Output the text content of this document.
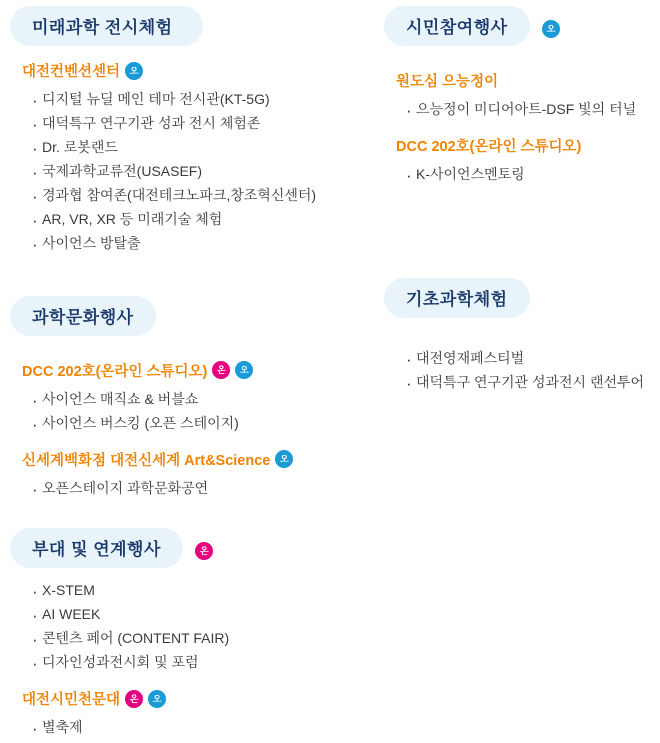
미래과학 전시체험
대전컨벤션센터	오
· 디지털 뉴딜 메인 테마 전시관(KT-5G)
· 대덕특구 연구기관 성과 전시 체험존
· Dr. 로봇랜드
· 국제과학교류전(USASEF)
· 경과협 참여존(대전테크노파크,창조혁신센터)
· AR, VR, XR 등 미래기술 체험
· 사이언스 방탈출
과학문화행사
DCC 202호(온라인 스튜디오)	온	오
· 사이언스 매직쇼 & 버블쇼
· 사이언스 버스킹 (오픈 스테이지)
신세계백화점 대전신세계 Art&Science	오
· 오픈스테이지 과학문화공연
부대 및 연계행사	온
· X-STEM
· AI WEEK
· 콘텐츠 페어 (CONTENT FAIR)
· 디자인성과전시회 및 포럼
대전시민천문대	온	오
· 별축제
시민참여행사	오
원도심 으능정이
· 으능정이 미디어아트-DSF 빛의 터널
DCC 202호(온라인 스튜디오)
· K-사이언스멘토링
기초과학체험
· 대전영재페스티벌
· 대덕특구 연구기관 성과전시 랜선투어
